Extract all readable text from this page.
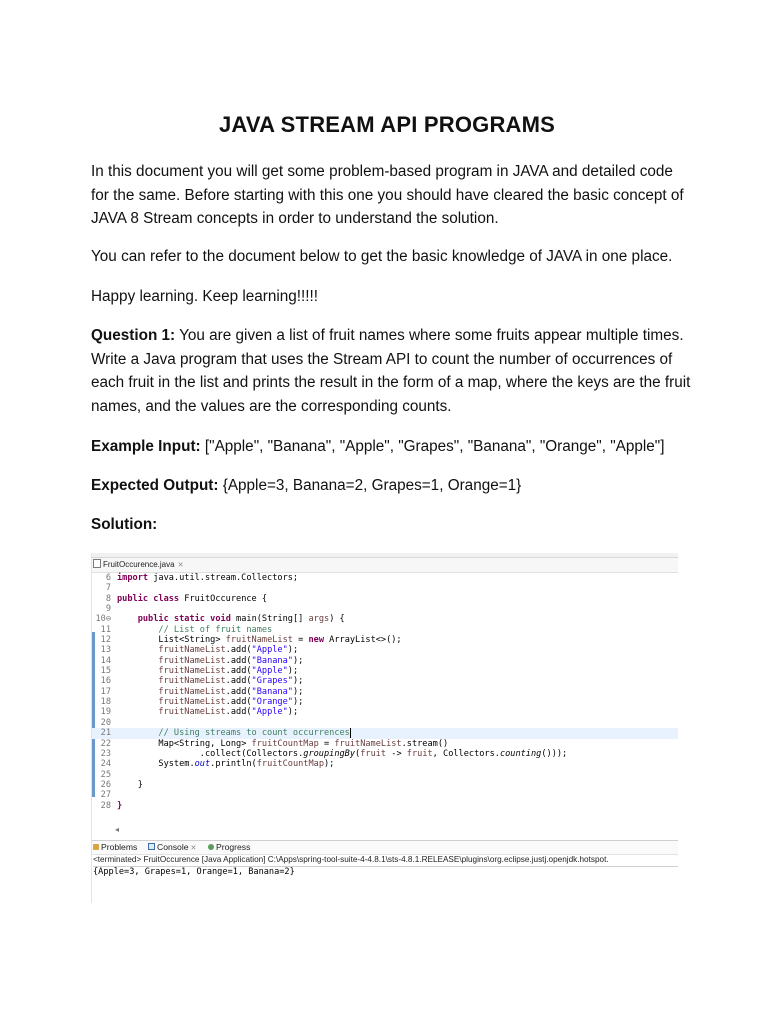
JAVA STREAM API PROGRAMS

In this document you will get some problem-based program in JAVA and detailed code for the same. Before starting with this one you should have cleared the basic concept of JAVA 8 Stream concepts in order to understand the solution.

You can refer to the document below to get the basic knowledge of JAVA in one place.

Happy learning. Keep learning!!!!!

Question 1: You are given a list of fruit names where some fruits appear multiple times. Write a Java program that uses the Stream API to count the number of occurrences of each fruit in the list and prints the result in the form of a map, where the keys are the fruit names, and the values are the corresponding counts.

Example Input: ["Apple", "Banana", "Apple", "Grapes", "Banana", "Orange", "Apple"]

Expected Output: {Apple=3, Banana=2, Grapes=1, Orange=1}

Solution:

FruitOccurence.java ✕
6 import java.util.stream.Collectors;
7
8 public class FruitOccurence {
9
10⊖	public static void main(String[] args) {
11	// List of fruit names
12	List<String> fruitNameList = new ArrayList<>();
13	fruitNameList.add("Apple");
14	fruitNameList.add("Banana");
15	fruitNameList.add("Apple");
16	fruitNameList.add("Grapes");
17	fruitNameList.add("Banana");
18	fruitNameList.add("Orange");
19	fruitNameList.add("Apple");
20
21	// Using streams to count occurrences
22	Map<String, Long> fruitCountMap = fruitNameList.stream()
23	.collect(Collectors.groupingBy(fruit -> fruit, Collectors.counting()));
24	System.out.println(fruitCountMap);
25
26	}
27
28 }
◂
Problems	Console ✕	Progress
<terminated> FruitOccurence [Java Application] C:\Apps\spring-tool-suite-4-4.8.1\sts-4.8.1.RELEASE\plugins\org.eclipse.justj.openjdk.hotspot.
{Apple=3, Grapes=1, Orange=1, Banana=2}
